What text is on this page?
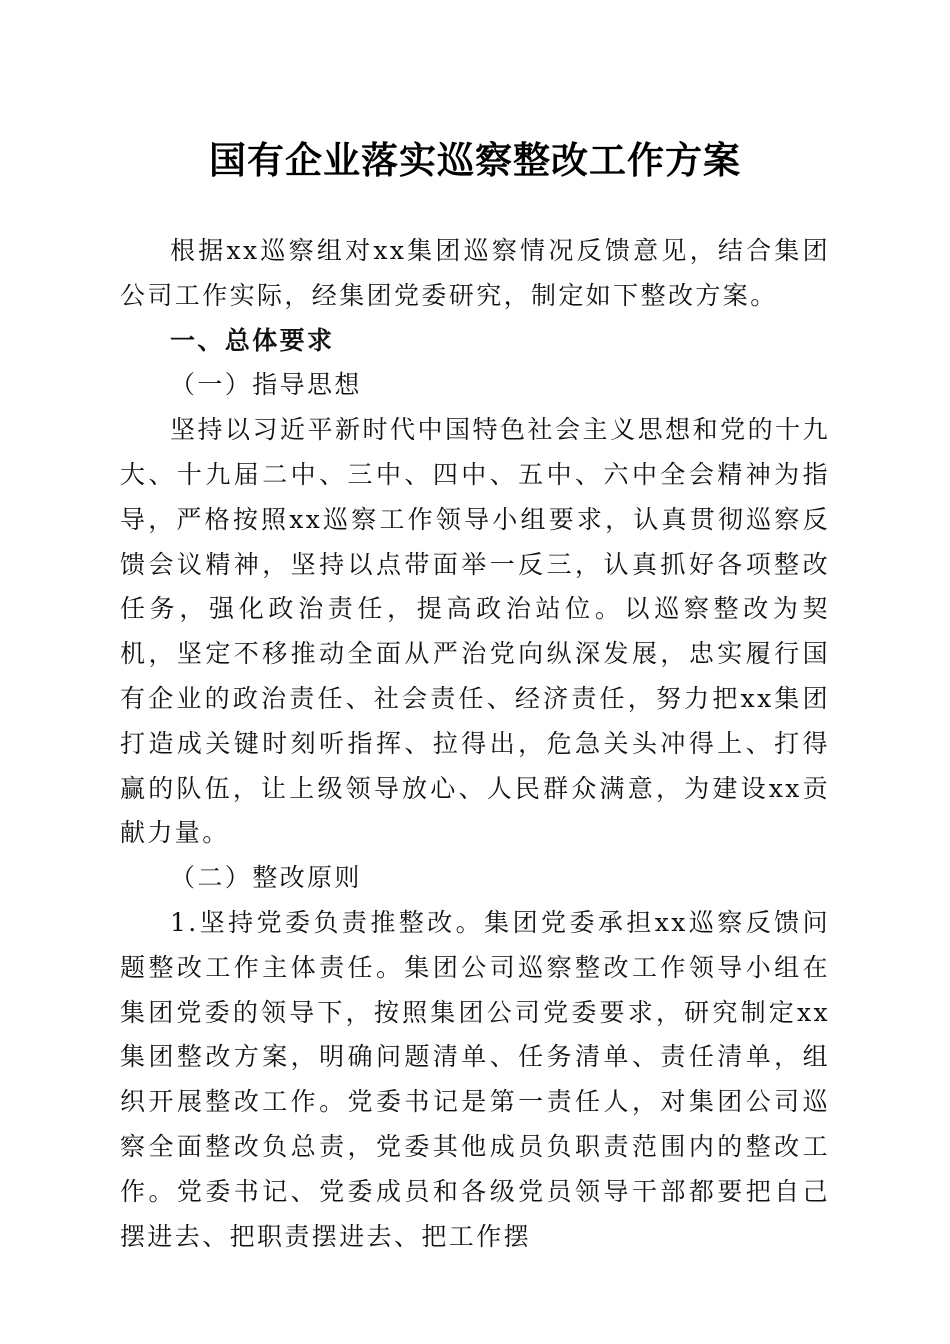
国有企业落实巡察整改工作方案

根据xx巡察组对xx集团巡察情况反馈意见，结合集团公司工作实际，经集团党委研究，制定如下整改方案。

一、总体要求

（一）指导思想

坚持以习近平新时代中国特色社会主义思想和党的十九大、十九届二中、三中、四中、五中、六中全会精神为指导，严格按照xx巡察工作领导小组要求，认真贯彻巡察反馈会议精神，坚持以点带面举一反三，认真抓好各项整改任务，强化政治责任，提高政治站位。以巡察整改为契机，坚定不移推动全面从严治党向纵深发展，忠实履行国有企业的政治责任、社会责任、经济责任，努力把xx集团打造成关键时刻听指挥、拉得出，危急关头冲得上、打得赢的队伍，让上级领导放心、人民群众满意，为建设xx贡献力量。

（二）整改原则

1.坚持党委负责推整改。集团党委承担xx巡察反馈问题整改工作主体责任。集团公司巡察整改工作领导小组在集团党委的领导下，按照集团公司党委要求，研究制定xx集团整改方案，明确问题清单、任务清单、责任清单，组织开展整改工作。党委书记是第一责任人，对集团公司巡察全面整改负总责，党委其他成员负职责范围内的整改工作。党委书记、党委成员和各级党员领导干部都要把自己摆进去、把职责摆进去、把工作摆
